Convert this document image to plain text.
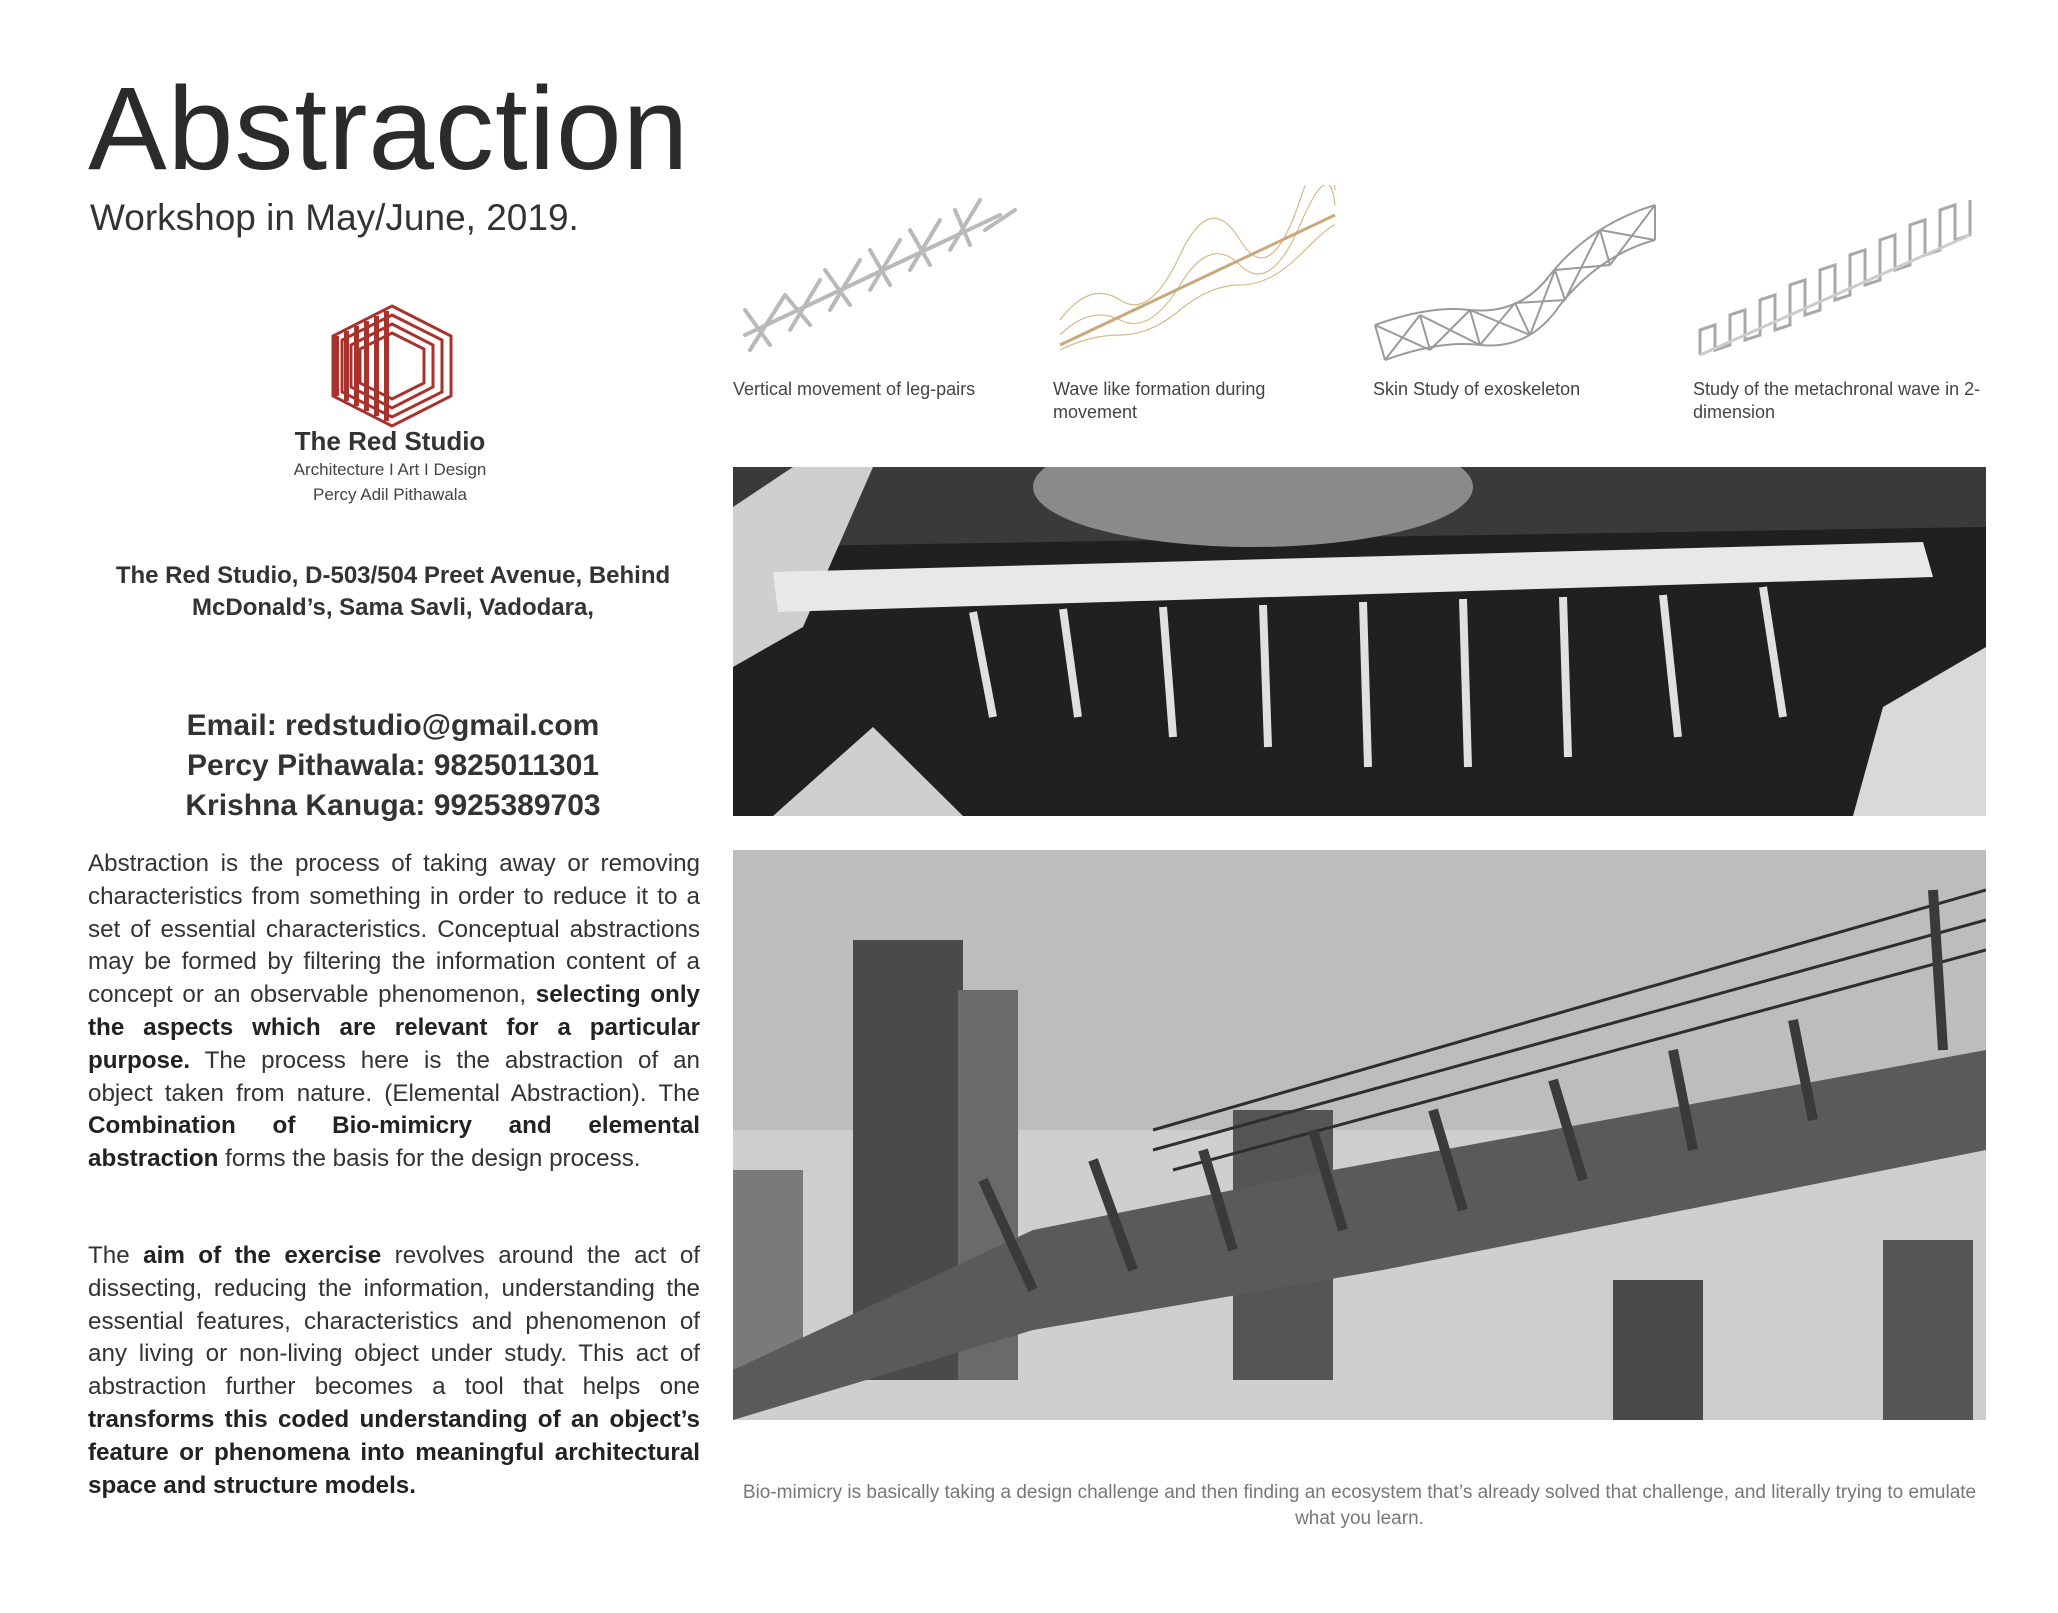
Abstraction
Workshop in May/June, 2019.
The Red Studio
Architecture I Art I Design
Percy Adil Pithawala
The Red Studio, D-503/504 Preet Avenue, Behind McDonald’s, Sama Savli, Vadodara,
Email: redstudio@gmail.com
Percy Pithawala: 9825011301
Krishna Kanuga: 9925389703
Abstraction is the process of taking away or removing characteristics from something in order to reduce it to a set of essential characteristics. Conceptual abstractions may be formed by filtering the information content of a concept or an observable phenomenon, selecting only the aspects which are relevant for a particular purpose. The process here is the abstraction of an object taken from nature. (Elemental Abstraction). The Combination of Bio-mimicry and elemental abstraction forms the basis for the design process.
The aim of the exercise revolves around the act of dissecting, reducing the information, understanding the essential features, characteristics and phenomenon of any living or non-living object under study. This act of abstraction further becomes a tool that helps one transforms this coded understanding of an object’s feature or phenomena into meaningful architectural space and structure models.
Vertical movement of leg-pairs	Wave like formation during movement
Skin Study of exoskeleton	Study of the metachronal wave in 2-dimension
Bio-mimicry is basically taking a design challenge and then finding an ecosystem that’s already solved that challenge, and literally trying to emulate what you learn.
